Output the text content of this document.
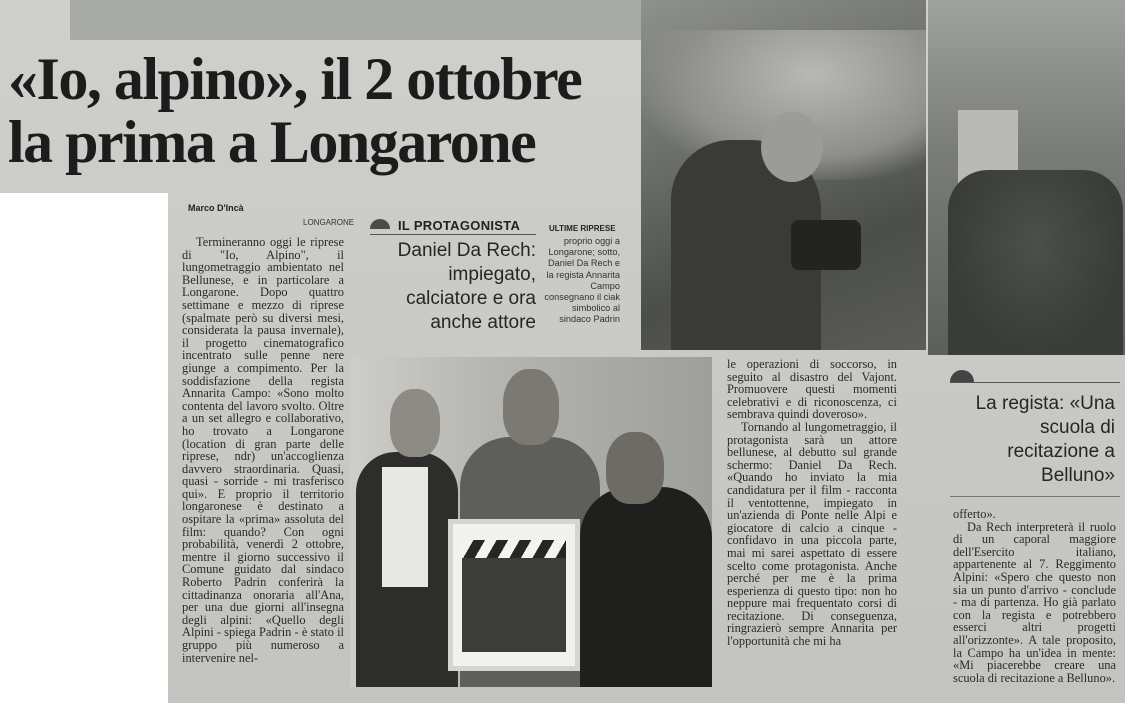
«Io, alpino», il 2 ottobre
la prima a Longarone
Marco D'Incà
LONGARONE

Termineranno oggi le riprese di "Io, Alpino", il lungometraggio ambientato nel Bellunese, e in particolare a Longarone. Dopo quattro settimane e mezzo di riprese (spalmate però su diversi mesi, considerata la pausa invernale), il progetto cinematografico incentrato sulle penne nere giunge a compimento. Per la soddisfazione della regista Annarita Campo: «Sono molto contenta del lavoro svolto. Oltre a un set allegro e collaborativo, ho trovato a Longarone (location di gran parte delle riprese, ndr) un'accoglienza davvero straordinaria. Quasi, quasi - sorride - mi trasferisco qui». E proprio il territorio longaronese è destinato a ospitare la «prima» assoluta del film: quando? Con ogni probabilità, venerdì 2 ottobre, mentre il giorno successivo il Comune guidato dal sindaco Roberto Padrin conferirà la cittadinanza onoraria all'Ana, per una due giorni all'insegna degli alpini: «Quello degli Alpini - spiega Padrin - è stato il gruppo più numeroso a intervenire nel-

IL PROTAGONISTA
Daniel Da Rech: impiegato, calciatore e ora anche attore
ULTIME RIPRESE
proprio oggi a Longarone; sotto, Daniel Da Rech e la regista Annarita Campo consegnano il ciak simbolico al sindaco Padrin

le operazioni di soccorso, in seguito al disastro del Vajont. Promuovere questi momenti celebrativi e di riconoscenza, ci sembrava quindi doveroso».

Tornando al lungometraggio, il protagonista sarà un attore bellunese, al debutto sul grande schermo: Daniel Da Rech. «Quando ho inviato la mia candidatura per il film - racconta il ventottenne, impiegato in un'azienda di Ponte nelle Alpi e giocatore di calcio a cinque - confidavo in una piccola parte, mai mi sarei aspettato di essere scelto come protagonista. Anche perché per me è la prima esperienza di questo tipo: non ho neppure mai frequentato corsi di recitazione. Di conseguenza, ringrazierò sempre Annarita per l'opportunità che mi ha

La regista: «Una scuola di recitazione a Belluno»

offerto».

Da Rech interpreterà il ruolo di un caporal maggiore dell'Esercito italiano, appartenente al 7. Reggimento Alpini: «Spero che questo non sia un punto d'arrivo - conclude - ma di partenza. Ho già parlato con la regista e potrebbero esserci altri progetti all'orizzonte». A tale proposito, la Campo ha un'idea in mente: «Mi piacerebbe creare una scuola di recitazione a Belluno».
